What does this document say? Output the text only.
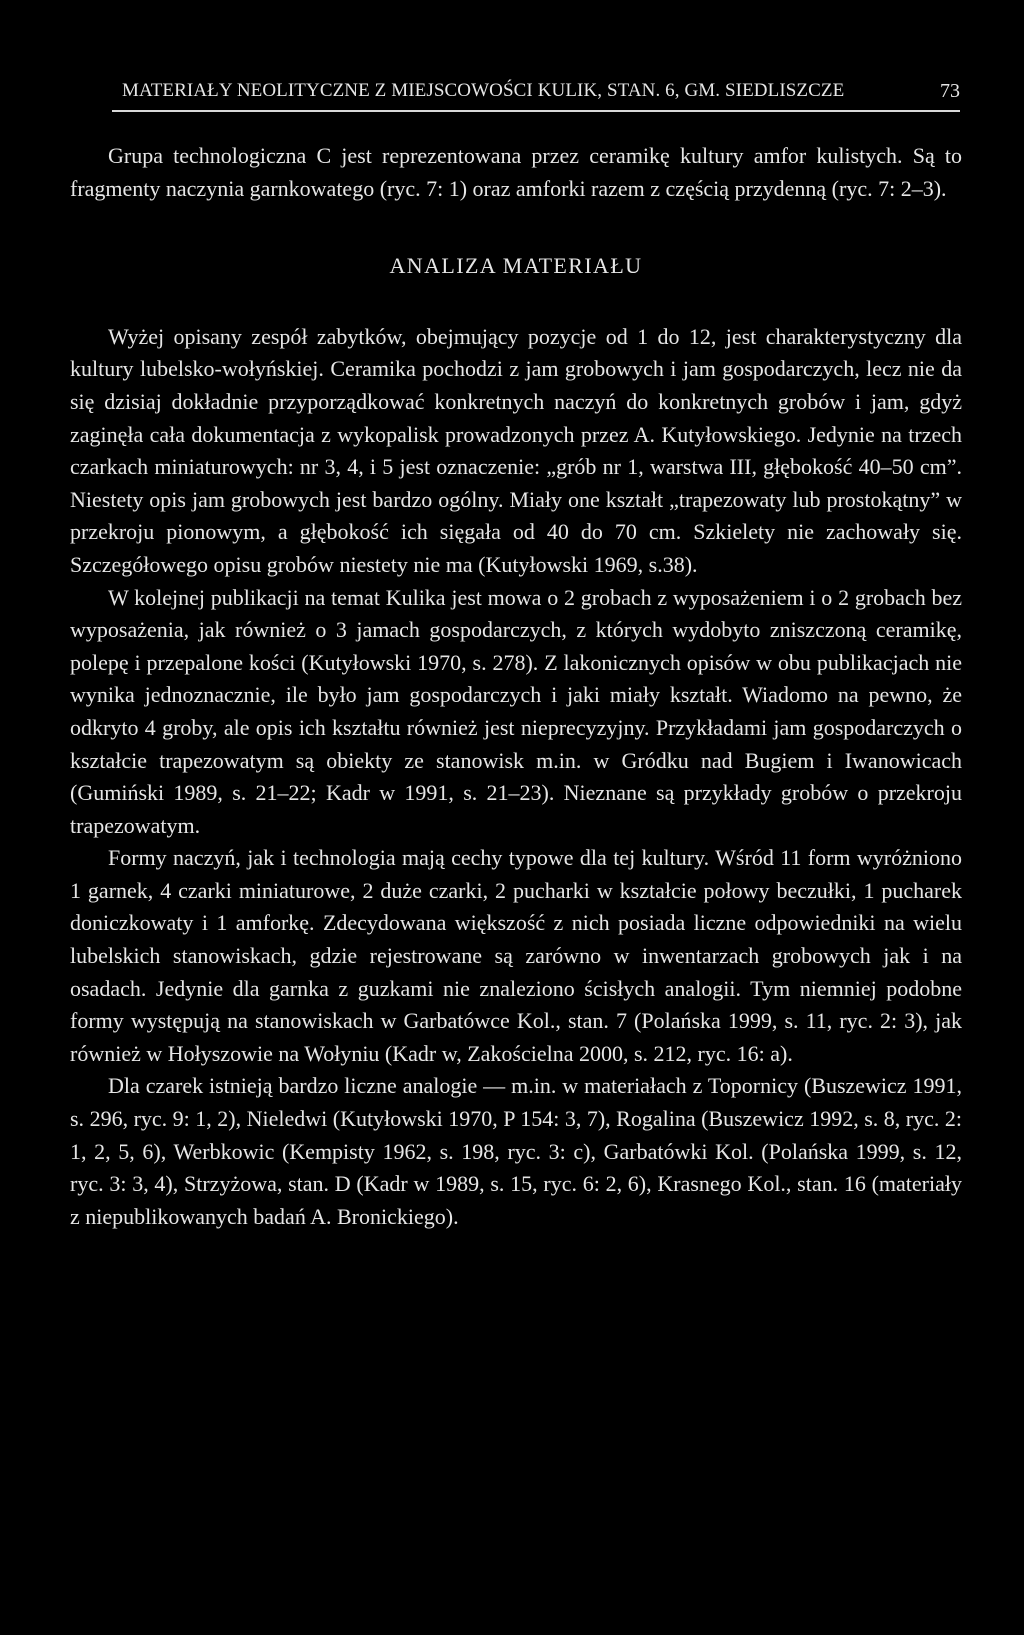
MATERIAŁY NEOLITYCZNE Z MIEJSCOWOŚCI KULIK, STAN. 6, GM. SIEDLISZCZE	73

Grupa technologiczna C jest reprezentowana przez ceramikę kultury amfor kulistych. Są to fragmenty naczynia garnkowatego (ryc. 7: 1) oraz amforki razem z częścią przydenną (ryc. 7: 2–3).

ANALIZA MATERIAŁU

Wyżej opisany zespół zabytków, obejmujący pozycje od 1 do 12, jest charakterystyczny dla kultury lubelsko-wołyńskiej. Ceramika pochodzi z jam grobowych i jam gospodarczych, lecz nie da się dzisiaj dokładnie przyporządkować konkretnych naczyń do konkretnych grobów i jam, gdyż zaginęła cała dokumentacja z wykopalisk prowadzonych przez A. Kutyłowskiego. Jedynie na trzech czarkach miniaturowych: nr 3, 4, i 5 jest oznaczenie: „grób nr 1, warstwa III, głębokość 40–50 cm”. Niestety opis jam grobowych jest bardzo ogólny. Miały one kształt „trapezowaty lub prostokątny” w przekroju pionowym, a głębokość ich sięgała od 40 do 70 cm. Szkielety nie zachowały się. Szczegółowego opisu grobów niestety nie ma (Kutyłowski 1969, s.38).

W kolejnej publikacji na temat Kulika jest mowa o 2 grobach z wyposażeniem i o 2 grobach bez wyposażenia, jak również o 3 jamach gospodarczych, z których wydobyto zniszczoną ceramikę, polepę i przepalone kości (Kutyłowski 1970, s. 278). Z lakonicznych opisów w obu publikacjach nie wynika jednoznacznie, ile było jam gospodarczych i jaki miały kształt. Wiadomo na pewno, że odkryto 4 groby, ale opis ich kształtu również jest nieprecyzyjny. Przykładami jam gospodarczych o kształcie trapezowatym są obiekty ze stanowisk m.in. w Gródku nad Bugiem i Iwanowicach (Gumiński 1989, s. 21–22; Kadr w 1991, s. 21–23). Nieznane są przykłady grobów o przekroju trapezowatym.

Formy naczyń, jak i technologia mają cechy typowe dla tej kultury. Wśród 11 form wyróżniono 1 garnek, 4 czarki miniaturowe, 2 duże czarki, 2 pucharki w kształcie połowy beczułki, 1 pucharek doniczkowaty i 1 amforkę. Zdecydowana większość z nich posiada liczne odpowiedniki na wielu lubelskich stanowiskach, gdzie rejestrowane są zarówno w inwentarzach grobowych jak i na osadach. Jedynie dla garnka z guzkami nie znaleziono ścisłych analogii. Tym niemniej podobne formy występują na stanowiskach w Garbatówce Kol., stan. 7 (Polańska 1999, s. 11, ryc. 2: 3), jak również w Hołyszowie na Wołyniu (Kadr w, Zakościelna 2000, s. 212, ryc. 16: a).

Dla czarek istnieją bardzo liczne analogie — m.in. w materiałach z Topornicy (Buszewicz 1991, s. 296, ryc. 9: 1, 2), Nieledwi (Kutyłowski 1970, P 154: 3, 7), Rogalina (Buszewicz 1992, s. 8, ryc. 2: 1, 2, 5, 6), Werbkowic (Kempisty 1962, s. 198, ryc. 3: c), Garbatówki Kol. (Polańska 1999, s. 12, ryc. 3: 3, 4), Strzyżowa, stan. D (Kadr w 1989, s. 15, ryc. 6: 2, 6), Krasnego Kol., stan. 16 (materiały z niepublikowanych badań A. Bronickiego).
